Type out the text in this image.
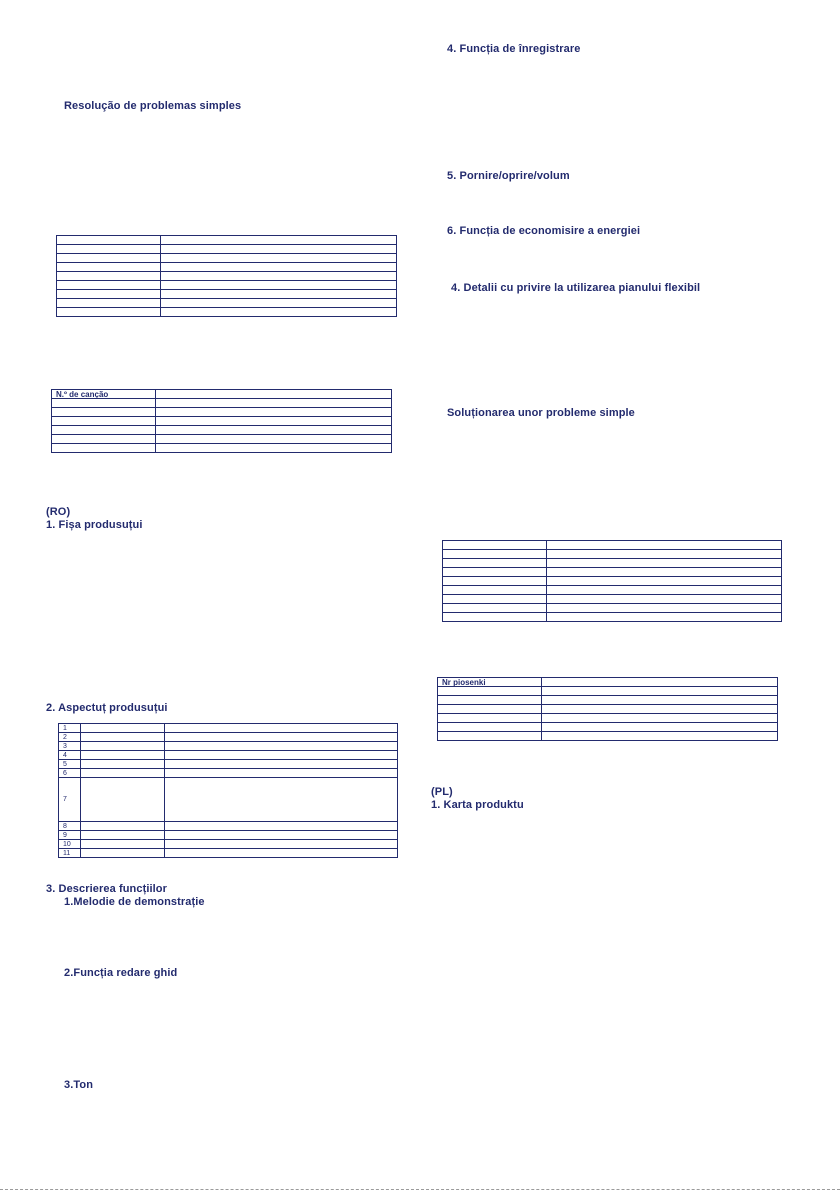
Resolução de problemas simples

N.º de canção	

(RO)
1. Fișa produsuțui
2. Aspectuț produsuțui
1		
2		
3		
4		
5		
6		
7		
8		
9		
10		
11		
3. Descrierea funcțiilor
1.Melodie de demonstrație
2.Funcția redare ghid
3.Ton
4. Funcția de înregistrare
5. Pornire/oprire/volum
6. Funcția de economisire a energiei
4. Detalii cu privire la utilizarea pianului flexibil
Soluționarea unor probleme simple

Nr piosenki	

(PL)
1. Karta produktu
